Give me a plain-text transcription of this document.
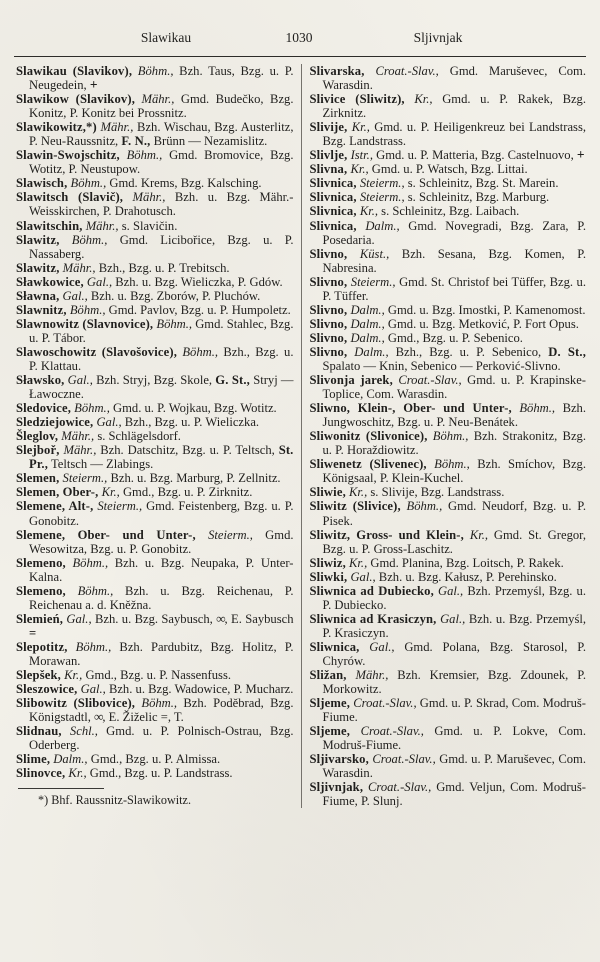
Slawikau	1030	Sljivnjak

Slawikau (Slavikov), Böhm., Bzh. Taus, Bzg. u. P. Neugedein, +

Slawikow (Slavikov), Mähr., Gmd. Budečko, Bzg. Konitz, P. Konitz bei Prossnitz.

Slawikowitz,*) Mähr., Bzh. Wischau, Bzg. Austerlitz, P. Neu-Raussnitz, F. N., Brünn — Nezamislitz.

Slawin-Swojschitz, Böhm., Gmd. Bromovice, Bzg. Wotitz, P. Neustupow.

Slawisch, Böhm., Gmd. Krems, Bzg. Kalsching.

Slawitsch (Slavič), Mähr., Bzh. u. Bzg. Mähr.-Weisskirchen, P. Drahotusch.

Slawitschin, Mähr., s. Slavičin.

Slawitz, Böhm., Gmd. Licibořice, Bzg. u. P. Nassaberg.

Slawitz, Mähr., Bzh., Bzg. u. P. Trebitsch.

Sławkowice, Gal., Bzh. u. Bzg. Wieliczka, P. Gdów.

Sławna, Gal., Bzh. u. Bzg. Zborów, P. Pluchów.

Slawnitz, Böhm., Gmd. Pavlov, Bzg. u. P. Humpoletz.

Slawnowitz (Slavnovice), Böhm., Gmd. Stahlec, Bzg. u. P. Tábor.

Slawoschowitz (Slavošovice), Böhm., Bzh., Bzg. u. P. Klattau.

Sławsko, Gal., Bzh. Stryj, Bzg. Skole, G. St., Stryj — Ławoczne.

Sledovice, Böhm., Gmd. u. P. Wojkau, Bzg. Wotitz.

Sledziejowice, Gal., Bzh., Bzg. u. P. Wieliczka.

Šleglov, Mähr., s. Schlägelsdorf.

Slejboř, Mähr., Bzh. Datschitz, Bzg. u. P. Teltsch, St. Pr., Teltsch — Zlabings.

Slemen, Steierm., Bzh. u. Bzg. Marburg, P. Zellnitz.

Slemen, Ober-, Kr., Gmd., Bzg. u. P. Zirknitz.

Slemene, Alt-, Steierm., Gmd. Feistenberg, Bzg. u. P. Gonobitz.

Slemene, Ober- und Unter-, Steierm., Gmd. Wesowitza, Bzg. u. P. Gonobitz.

Slemeno, Böhm., Bzh. u. Bzg. Neupaka, P. Unter-Kalna.

Slemeno, Böhm., Bzh. u. Bzg. Reichenau, P. Reichenau a. d. Kněžna.

Slemień, Gal., Bzh. u. Bzg. Saybusch, ∞, E. Saybusch =

Slepotitz, Böhm., Bzh. Pardubitz, Bzg. Holitz, P. Morawan.

Slepšek, Kr., Gmd., Bzg. u. P. Nassenfuss.

Sleszowice, Gal., Bzh. u. Bzg. Wadowice, P. Mucharz.

Slibowitz (Slibovice), Böhm., Bzh. Poděbrad, Bzg. Königstadtl, ∞, E. Žiželic =, T.

Slidnau, Schl., Gmd. u. P. Polnisch-Ostrau, Bzg. Oderberg.

Slime, Dalm., Gmd., Bzg. u. P. Almissa.

Slinovce, Kr., Gmd., Bzg. u. P. Landstrass.

*) Bhf. Raussnitz-Slawikowitz.

Slivarska, Croat.-Slav., Gmd. Maruševec, Com. Warasdin.

Slivice (Sliwitz), Kr., Gmd. u. P. Rakek, Bzg. Zirknitz.

Slivije, Kr., Gmd. u. P. Heiligenkreuz bei Landstrass, Bzg. Landstrass.

Slivlje, Istr., Gmd. u. P. Matteria, Bzg. Castelnuovo, +

Slivna, Kr., Gmd. u. P. Watsch, Bzg. Littai.

Slivnica, Steierm., s. Schleinitz, Bzg. St. Marein.

Slivnica, Steierm., s. Schleinitz, Bzg. Marburg.

Slivnica, Kr., s. Schleinitz, Bzg. Laibach.

Slivnica, Dalm., Gmd. Novegradi, Bzg. Zara, P. Posedaria.

Slivno, Küst., Bzh. Sesana, Bzg. Komen, P. Nabresina.

Slivno, Steierm., Gmd. St. Christof bei Tüffer, Bzg. u. P. Tüffer.

Slivno, Dalm., Gmd. u. Bzg. Imostki, P. Kamenomost.

Slivno, Dalm., Gmd. u. Bzg. Metković, P. Fort Opus.

Slivno, Dalm., Gmd., Bzg. u. P. Sebenico.

Slivno, Dalm., Bzh., Bzg. u. P. Sebenico, D. St., Spalato — Knin, Sebenico — Perković-Slivno.

Slivonja jarek, Croat.-Slav., Gmd. u. P. Krapinske-Toplice, Com. Warasdin.

Sliwno, Klein-, Ober- und Unter-, Böhm., Bzh. Jungwoschitz, Bzg. u. P. Neu-Benátek.

Sliwonitz (Slivonice), Böhm., Bzh. Strakonitz, Bzg. u. P. Horaždiowitz.

Sliwenetz (Slivenec), Böhm., Bzh. Smíchov, Bzg. Königsaal, P. Klein-Kuchel.

Sliwie, Kr., s. Slivije, Bzg. Landstrass.

Sliwitz (Slivice), Böhm., Gmd. Neudorf, Bzg. u. P. Pisek.

Sliwitz, Gross- und Klein-, Kr., Gmd. St. Gregor, Bzg. u. P. Gross-Laschitz.

Sliwiz, Kr., Gmd. Planina, Bzg. Loitsch, P. Rakek.

Sliwki, Gal., Bzh. u. Bzg. Kałusz, P. Perehinsko.

Sliwnica ad Dubiecko, Gal., Bzh. Przemyśl, Bzg. u. P. Dubiecko.

Sliwnica ad Krasiczyn, Gal., Bzh. u. Bzg. Przemyśl, P. Krasiczyn.

Sliwnica, Gal., Gmd. Polana, Bzg. Starosol, P. Chyrów.

Sližan, Mähr., Bzh. Kremsier, Bzg. Zdounek, P. Morkowitz.

Sljeme, Croat.-Slav., Gmd. u. P. Skrad, Com. Modruš-Fiume.

Sljeme, Croat.-Slav., Gmd. u. P. Lokve, Com. Modruš-Fiume.

Sljivarsko, Croat.-Slav., Gmd. u. P. Maruševec, Com. Warasdin.

Sljivnjak, Croat.-Slav., Gmd. Veljun, Com. Modruš-Fiume, P. Slunj.
